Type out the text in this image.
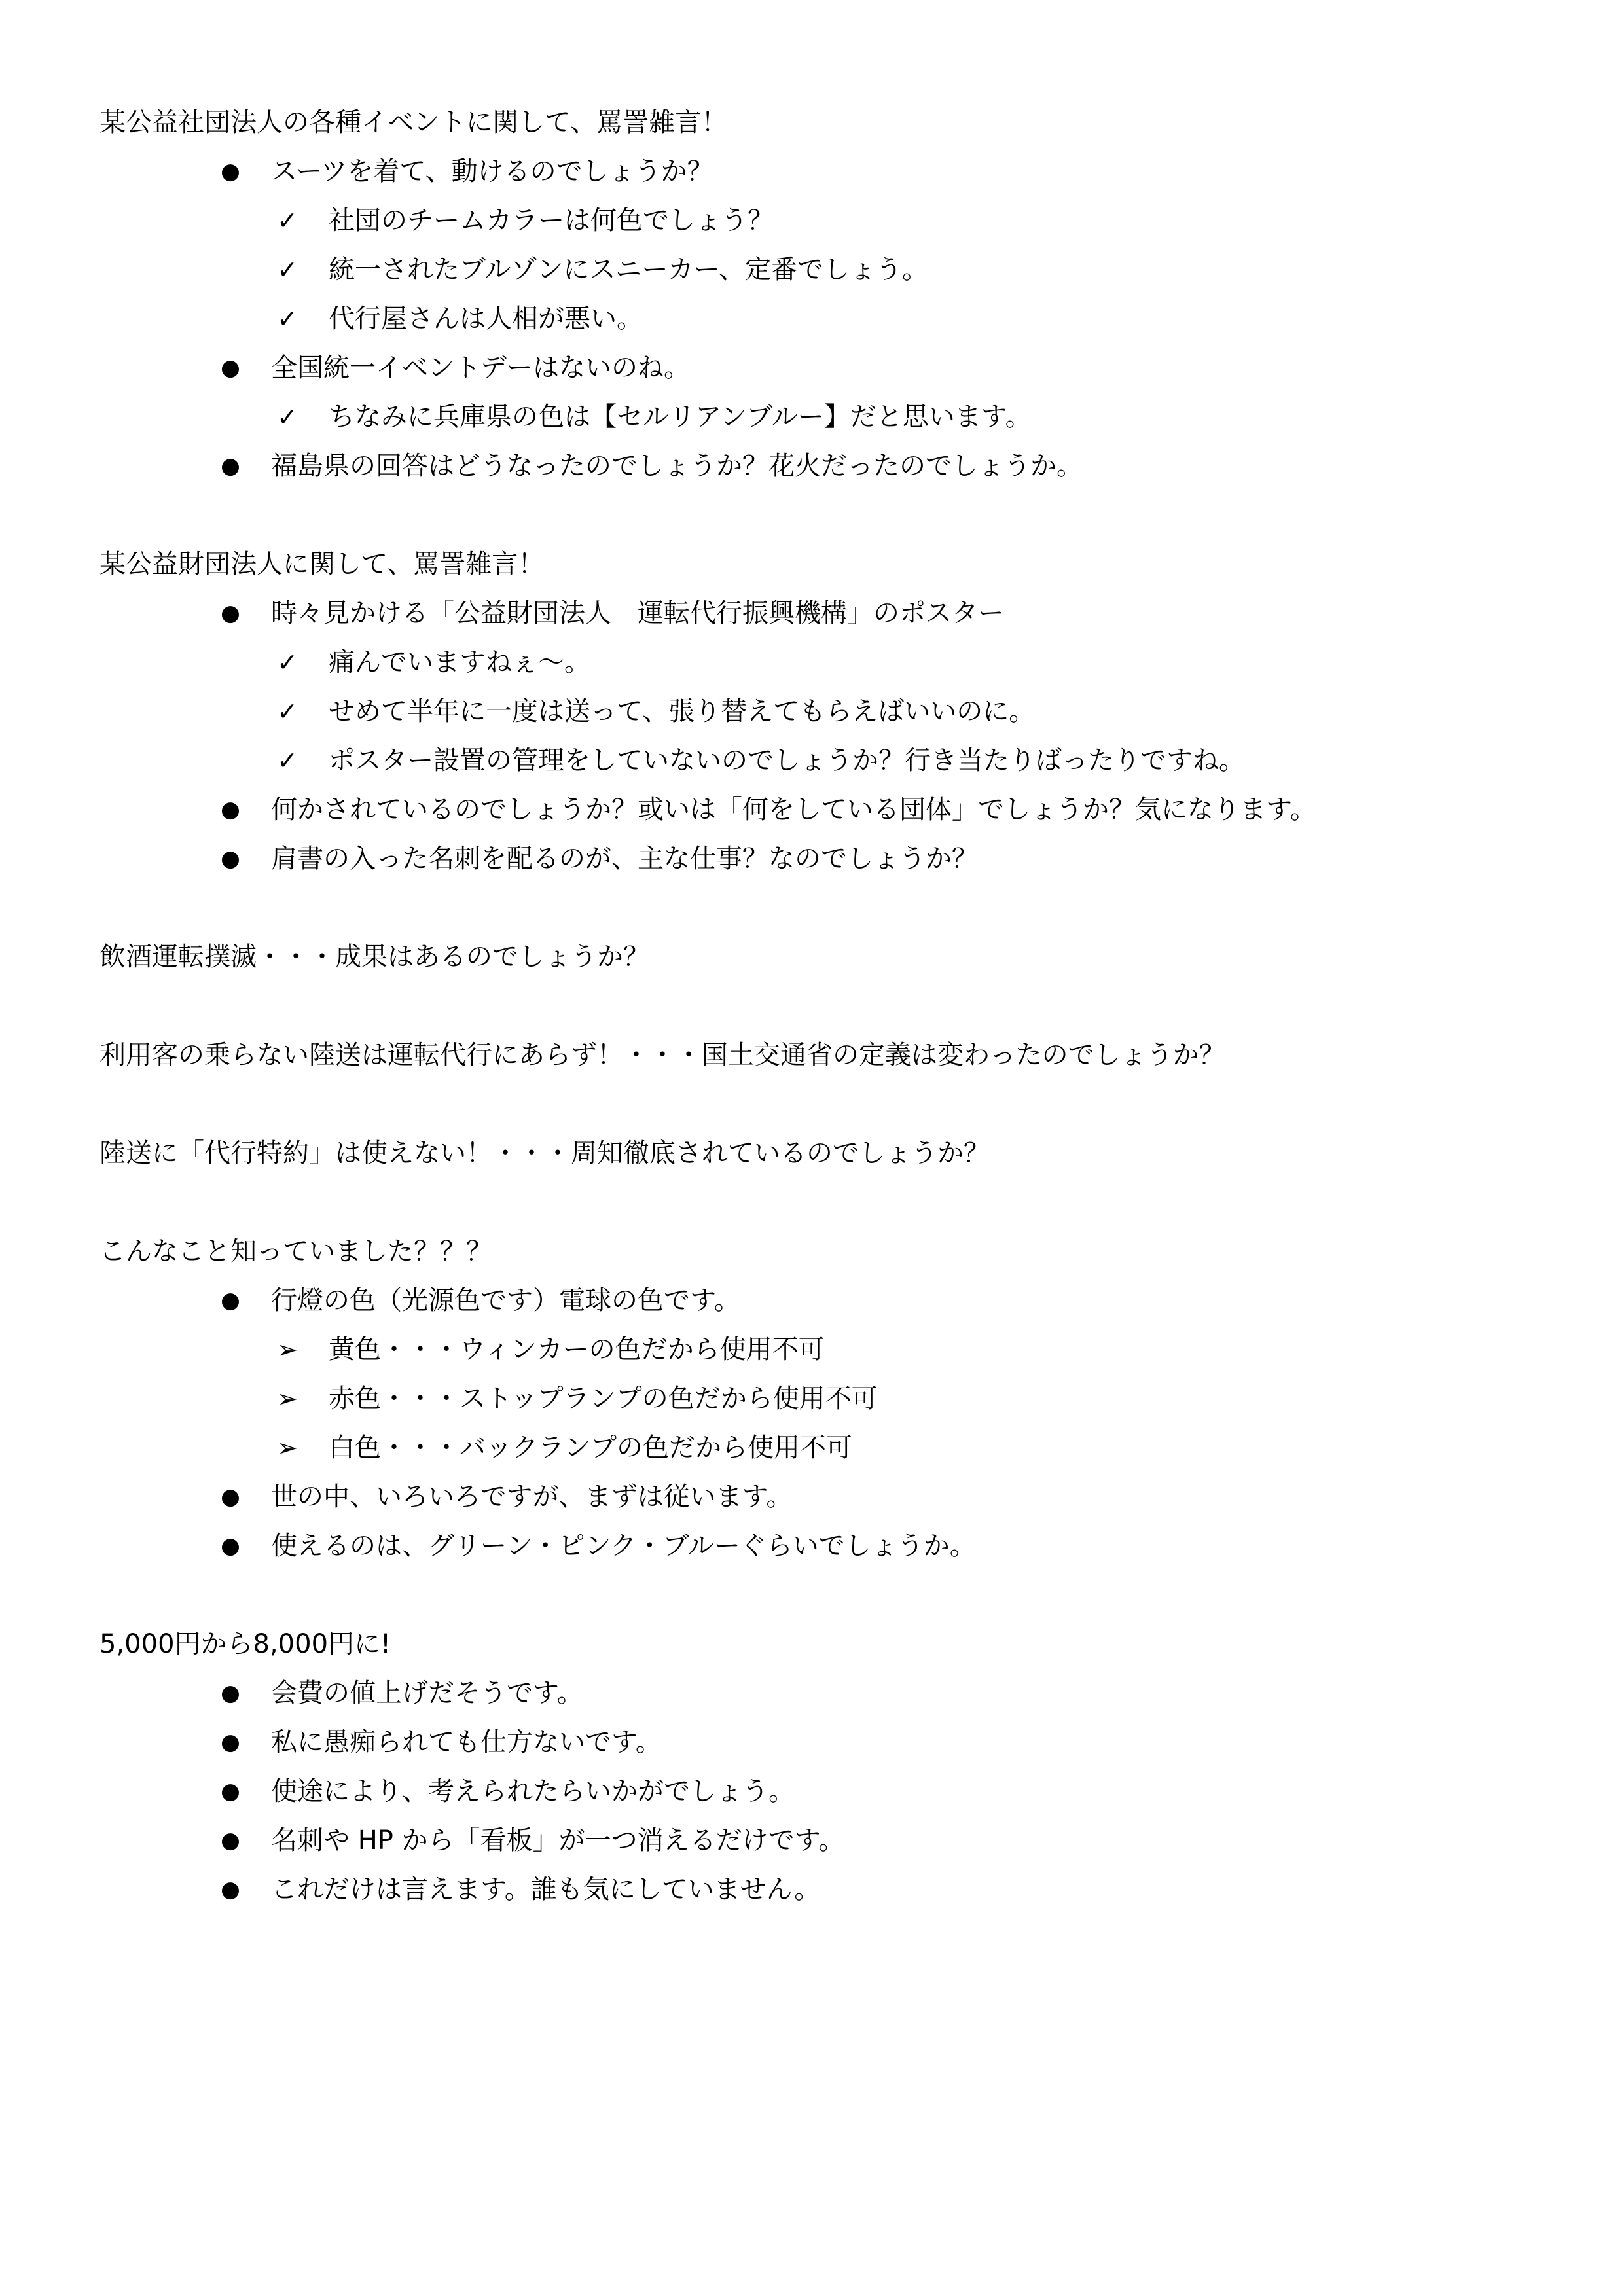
某公益社団法人の各種イベントに関して、罵詈雑言！
● スーツを着て、動けるのでしょうか？
✓ 社団のチームカラーは何色でしょう？
✓ 統一されたブルゾンにスニーカー、定番でしょう。
✓ 代行屋さんは人相が悪い。
● 全国統一イベントデーはないのね。
✓ ちなみに兵庫県の色は【セルリアンブルー】だと思います。
● 福島県の回答はどうなったのでしょうか？花火だったのでしょうか。
某公益財団法人に関して、罵詈雑言！
● 時々見かける「公益財団法人　運転代行振興機構」のポスター
✓ 痛んでいますねぇ～。
✓ せめて半年に一度は送って、張り替えてもらえばいいのに。
✓ ポスター設置の管理をしていないのでしょうか？行き当たりばったりですね。
● 何かされているのでしょうか？或いは「何をしている団体」でしょうか？気になります。
● 肩書の入った名刺を配るのが、主な仕事？なのでしょうか？
飲酒運転撲滅・・・成果はあるのでしょうか？
利用客の乗らない陸送は運転代行にあらず！・・・国土交通省の定義は変わったのでしょうか？
陸送に「代行特約」は使えない！・・・周知徹底されているのでしょうか？
こんなこと知っていました？？？
● 行燈の色（光源色です）電球の色です。
➢ 黄色・・・ウィンカーの色だから使用不可
➢ 赤色・・・ストップランプの色だから使用不可
➢ 白色・・・バックランプの色だから使用不可
● 世の中、いろいろですが、まずは従います。
● 使えるのは、グリーン・ピンク・ブルーぐらいでしょうか。
5,000円から8,000円に!
● 会費の値上げだそうです。
● 私に愚痴られても仕方ないです。
● 使途により、考えられたらいかがでしょう。
● 名刺や HP から「看板」が一つ消えるだけです。
● これだけは言えます。誰も気にしていません。
